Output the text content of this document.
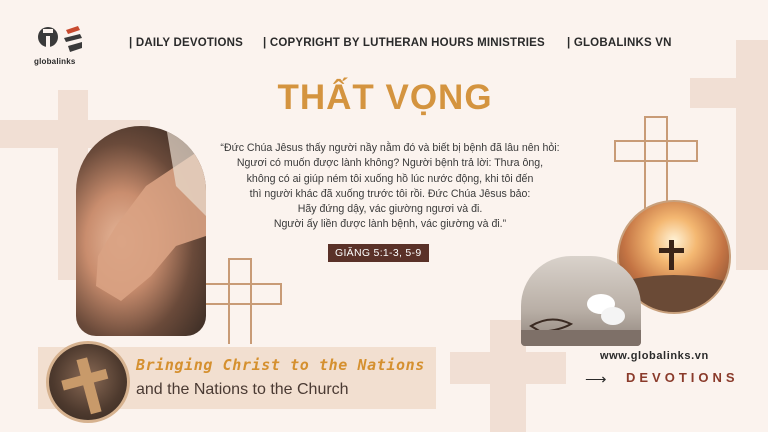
globalinks
| DAILY DEVOTIONS | COPYRIGHT BY LUTHERAN HOURS MINISTRIES | GLOBALINKS VN
THẤT VỌNG
“Đức Chúa Jêsus thấy người nầy nằm đó và biết bị bệnh đã lâu nên hỏi:
Ngươi có muốn được lành không? Người bệnh trả lời: Thưa ông,
không có ai giúp ném tôi xuống hồ lúc nước động, khi tôi đến
thì người khác đã xuống trước tôi rồi. Đức Chúa Jêsus bảo:
Hãy đứng dậy, vác giường ngươi và đi.
Người ấy liền được lành bệnh, vác giường và đi.”
GIĂNG 5:1-3, 5-9
Bringing Christ to the Nations
and the Nations to the Church
www.globalinks.vn
⟶ DEVOTIONS
